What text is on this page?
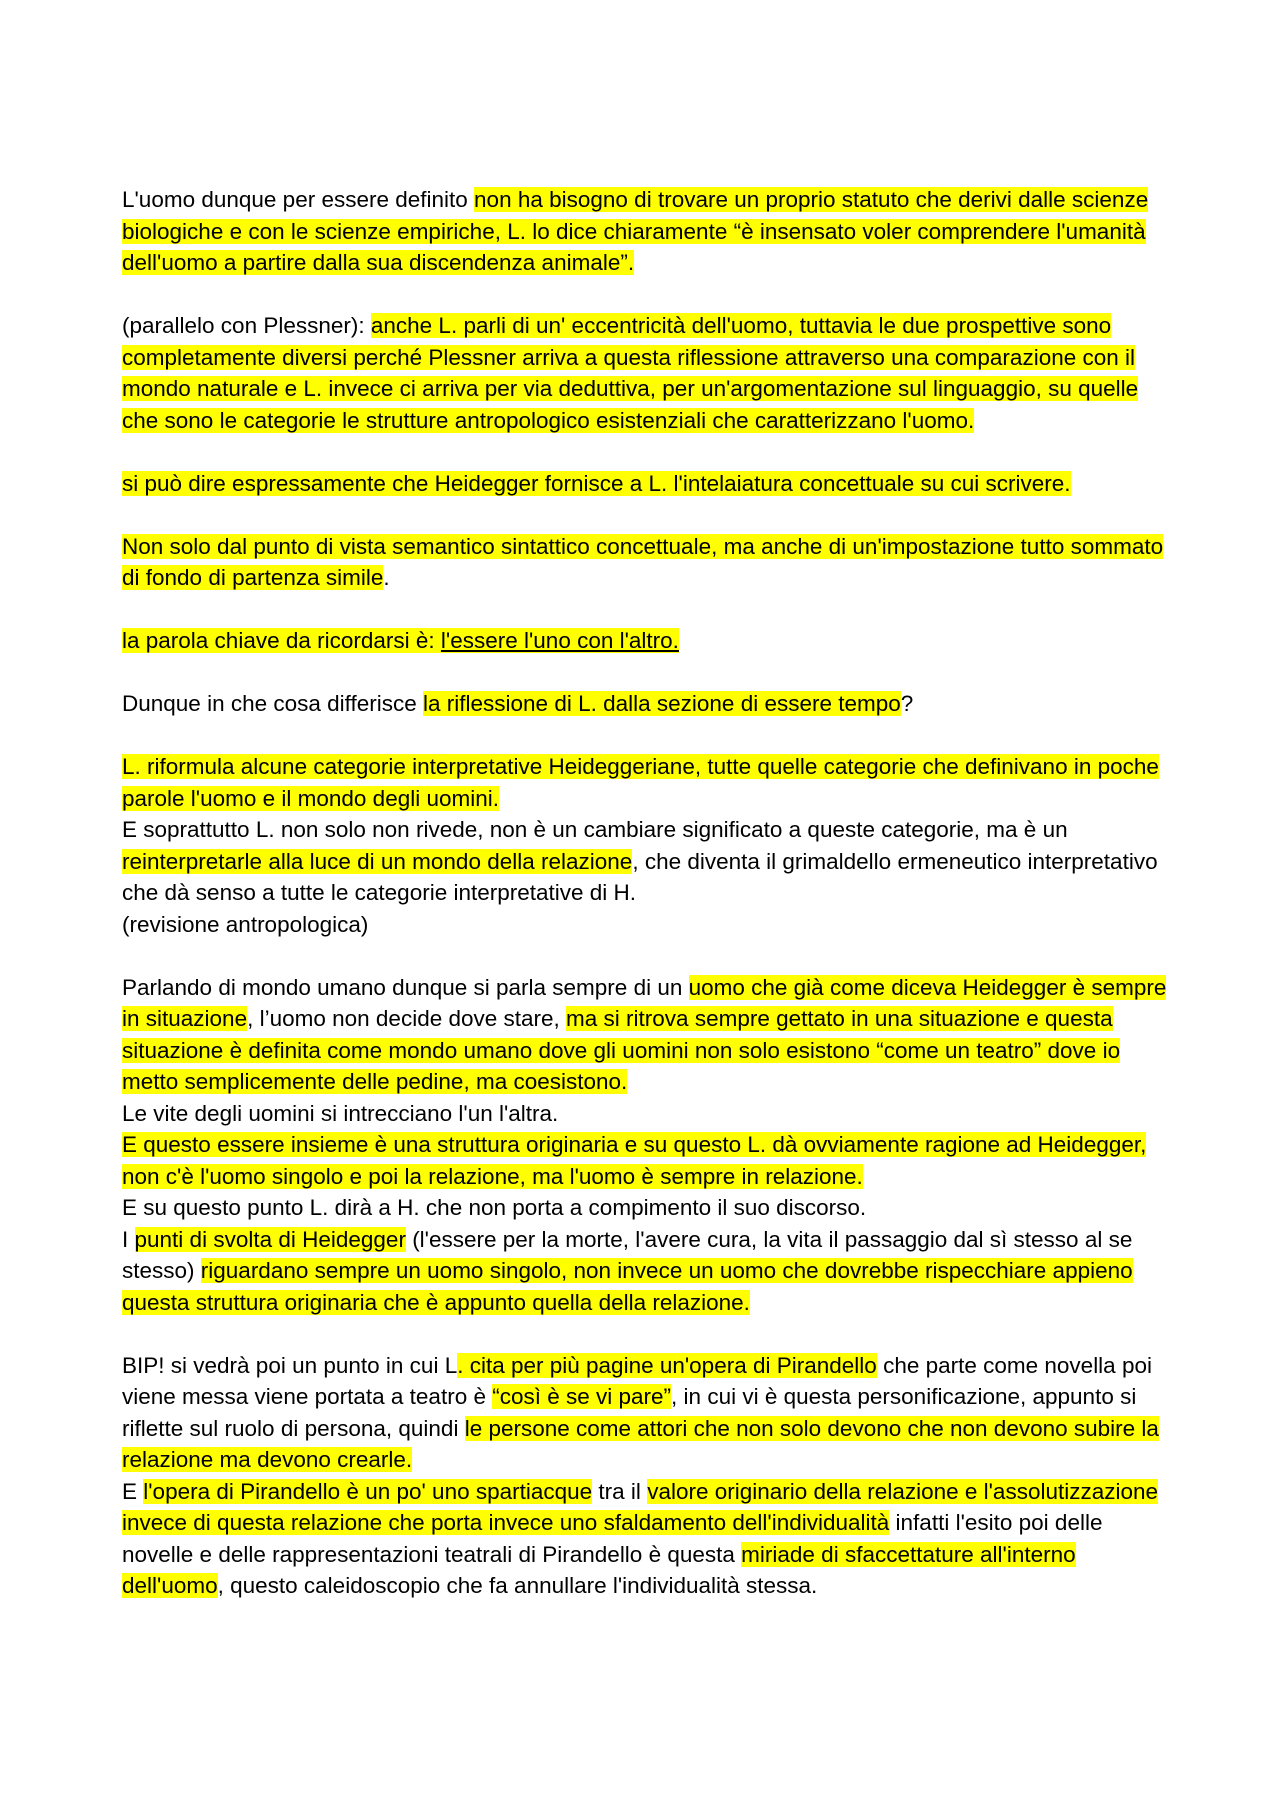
L'uomo dunque per essere definito non ha bisogno di trovare un proprio statuto che derivi dalle scienze biologiche e con le scienze empiriche, L. lo dice chiaramente “è insensato voler comprendere l'umanità dell'uomo a partire dalla sua discendenza animale”.

(parallelo con Plessner): anche L. parli di un' eccentricità dell'uomo, tuttavia le due prospettive sono completamente diversi perché Plessner arriva a questa riflessione attraverso una comparazione con il mondo naturale e L. invece ci arriva per via deduttiva, per un'argomentazione sul linguaggio, su quelle che sono le categorie le strutture antropologico esistenziali che caratterizzano l'uomo.

si può dire espressamente che Heidegger fornisce a L. l'intelaiatura concettuale su cui scrivere.

Non solo dal punto di vista semantico sintattico concettuale, ma anche di un'impostazione tutto sommato di fondo di partenza simile.

la parola chiave da ricordarsi è: l'essere l'uno con l'altro.

Dunque in che cosa differisce la riflessione di L. dalla sezione di essere tempo?

L. riformula alcune categorie interpretative Heideggeriane, tutte quelle categorie che definivano in poche parole l'uomo e il mondo degli uomini.

E soprattutto L. non solo non rivede, non è un cambiare significato a queste categorie, ma è un reinterpretarle alla luce di un mondo della relazione, che diventa il grimaldello ermeneutico interpretativo che dà senso a tutte le categorie interpretative di H.

(revisione antropologica)

Parlando di mondo umano dunque si parla sempre di un uomo che già come diceva Heidegger è sempre in situazione, l’uomo non decide dove stare, ma si ritrova sempre gettato in una situazione e questa situazione è definita come mondo umano dove gli uomini non solo esistono “come un teatro” dove io metto semplicemente delle pedine, ma coesistono.

Le vite degli uomini si intrecciano l'un l'altra.

E questo essere insieme è una struttura originaria e su questo L. dà ovviamente ragione ad Heidegger, non c'è l'uomo singolo e poi la relazione, ma l'uomo è sempre in relazione.

E su questo punto L. dirà a H. che non porta a compimento il suo discorso.

I punti di svolta di Heidegger (l'essere per la morte, l'avere cura, la vita il passaggio dal sì stesso al se stesso) riguardano sempre un uomo singolo, non invece un uomo che dovrebbe rispecchiare appieno questa struttura originaria che è appunto quella della relazione.

BIP! si vedrà poi un punto in cui L. cita per più pagine un'opera di Pirandello che parte come novella poi viene messa viene portata a teatro è “così è se vi pare”, in cui vi è questa personificazione, appunto si riflette sul ruolo di persona, quindi le persone come attori che non solo devono che non devono subire la relazione ma devono crearle.

E l'opera di Pirandello è un po' uno spartiacque tra il valore originario della relazione e l'assolutizzazione invece di questa relazione che porta invece uno sfaldamento dell'individualità infatti l'esito poi delle novelle e delle rappresentazioni teatrali di Pirandello è questa miriade di sfaccettature all'interno dell'uomo, questo caleidoscopio che fa annullare l'individualità stessa.
